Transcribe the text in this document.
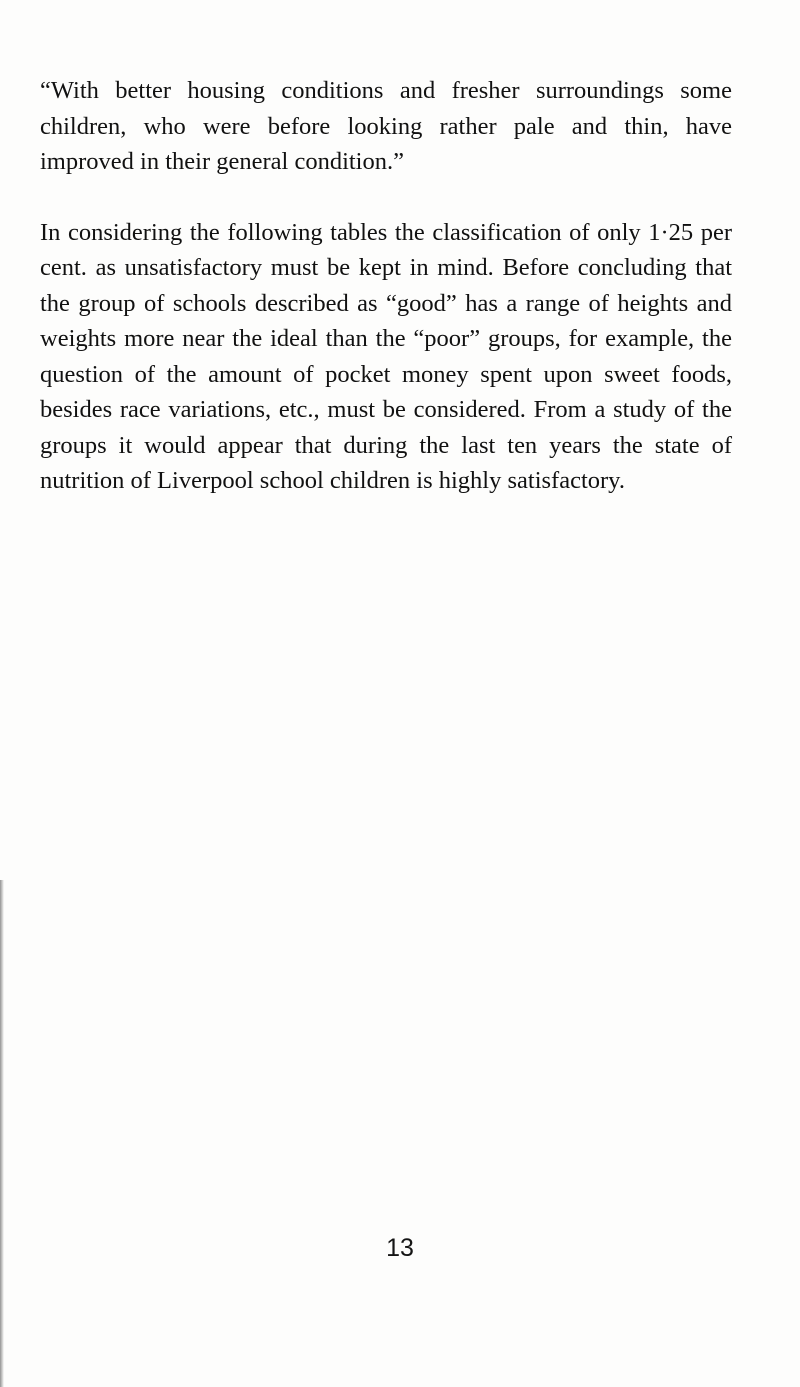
“With better housing conditions and fresher surroundings some children, who were before looking rather pale and thin, have improved in their general condition.”

In considering the following tables the classification of only 1·25 per cent. as unsatisfactory must be kept in mind. Before concluding that the group of schools described as “good” has a range of heights and weights more near the ideal than the “poor” groups, for example, the question of the amount of pocket money spent upon sweet foods, besides race variations, etc., must be considered. From a study of the groups it would appear that during the last ten years the state of nutrition of Liverpool school children is highly satisfactory.

13
